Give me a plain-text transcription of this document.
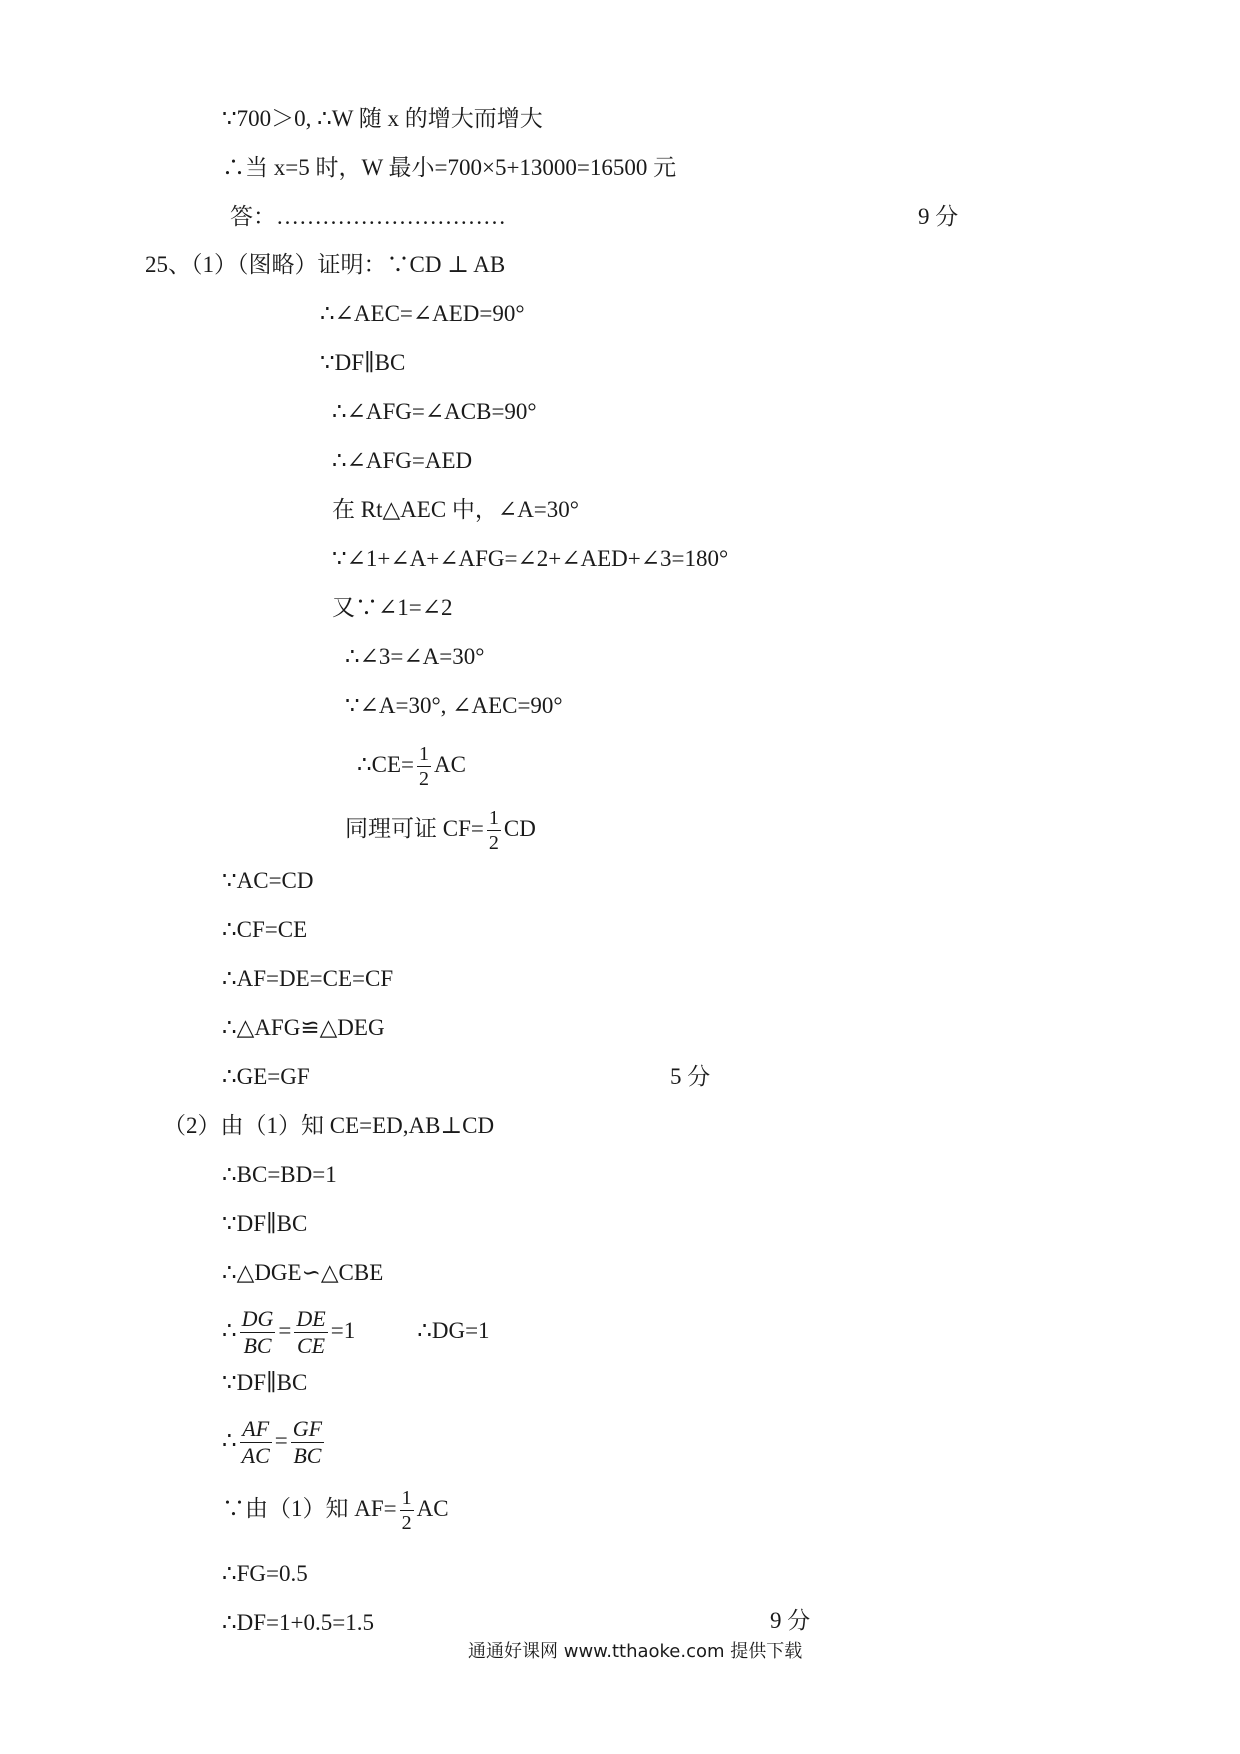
∵700＞0, ∴W 随 x 的增大而增大
∴当 x=5 时，W 最小=700×5+13000=16500 元
答：…………………………	9 分
25、（1）（图略）证明：∵CD ⊥ AB
∴∠AEC=∠AED=90°
∵DF∥BC
∴∠AFG=∠ACB=90°
∴∠AFG=AED
在 Rt△AEC 中，∠A=30°
∵∠1+∠A+∠AFG=∠2+∠AED+∠3=180°
又∵∠1=∠2
∴∠3=∠A=30°
∵∠A=30°, ∠AEC=90°
∴CE= $\frac{1}{2}$ AC
同理可证 $CF= \frac{1}{2}$ CD
∵AC=CD
∴CF=CE
∴AF=DE=CE=CF
∴△AFG≌△DEG
∴GE=GF	5 分
（2）由（1）知 CE=ED,AB⊥CD
∴BC=BD=1
∵DF∥BC
∴△DGE∽△CBE
∴ $\frac{DG}{BC} = \frac{DE}{CE} =1$	∴DG=1
∵DF∥BC
∴ $\frac{AF}{AC} = \frac{GF}{BC}$
∵由（1）知 $AF= \frac{1}{2}$ AC
∴FG=0.5
∴DF=1+0.5=1.5	9 分
通通好课网 www.tthaoke.com 提供下载
